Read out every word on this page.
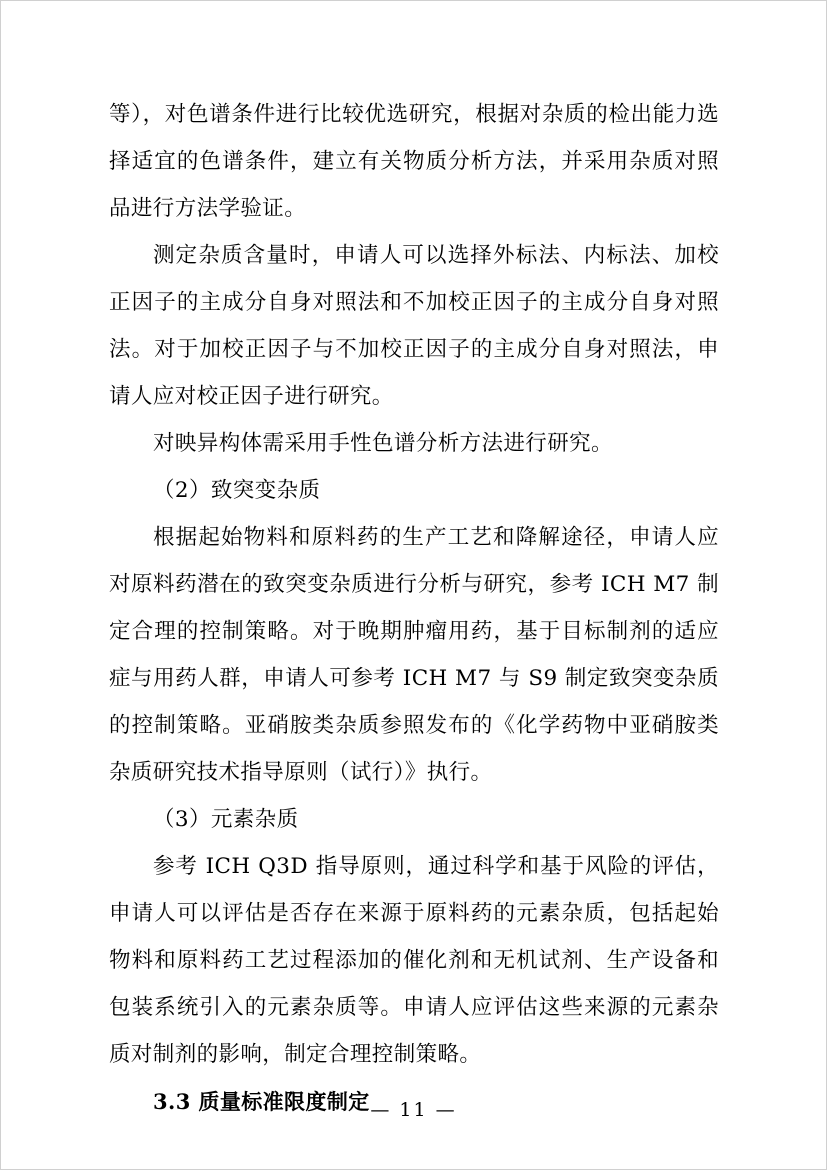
等），对色谱条件进行比较优选研究，根据对杂质的检出能力选择适宜的色谱条件，建立有关物质分析方法，并采用杂质对照品进行方法学验证。

测定杂质含量时，申请人可以选择外标法、内标法、加校正因子的主成分自身对照法和不加校正因子的主成分自身对照法。对于加校正因子与不加校正因子的主成分自身对照法，申请人应对校正因子进行研究。

对映异构体需采用手性色谱分析方法进行研究。

（2）致突变杂质

根据起始物料和原料药的生产工艺和降解途径，申请人应对原料药潜在的致突变杂质进行分析与研究，参考 ICH M7 制定合理的控制策略。对于晚期肿瘤用药，基于目标制剂的适应症与用药人群，申请人可参考 ICH M7 与 S9 制定致突变杂质的控制策略。亚硝胺类杂质参照发布的《化学药物中亚硝胺类杂质研究技术指导原则（试行）》执行。

（3）元素杂质

参考 ICH Q3D 指导原则，通过科学和基于风险的评估，申请人可以评估是否存在来源于原料药的元素杂质，包括起始物料和原料药工艺过程添加的催化剂和无机试剂、生产设备和包装系统引入的元素杂质等。申请人应评估这些来源的元素杂质对制剂的影响，制定合理控制策略。

3.3 质量标准限度制定 — 11 —
